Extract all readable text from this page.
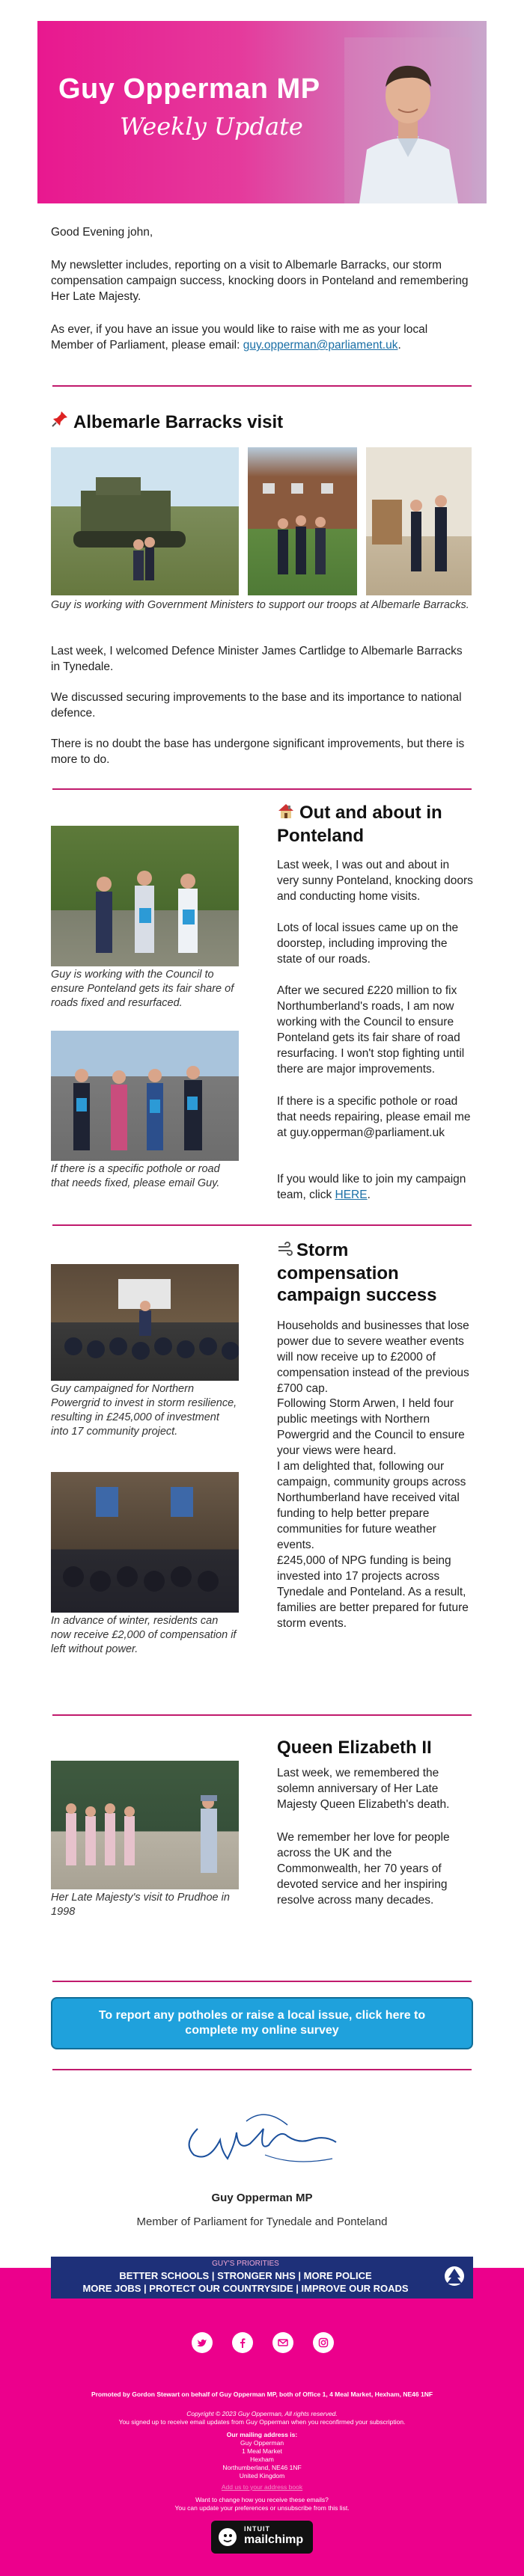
Guy Opperman MP
Weekly Update
Good Evening john,
My newsletter includes, reporting on a visit to Albemarle Barracks, our storm compensation campaign success, knocking doors in Ponteland and remembering Her Late Majesty.
As ever, if you have an issue you would like to raise with me as your local Member of Parliament, please email: guy.opperman@parliament.uk.
Albemarle Barracks visit
Guy is working with Government Ministers to support our troops at Albemarle Barracks.
Last week, I welcomed Defence Minister James Cartlidge to Albemarle Barracks in Tynedale.
We discussed securing improvements to the base and its importance to national defence.
There is no doubt the base has undergone significant improvements, but there is more to do.
Guy is working with the Council to ensure Ponteland gets its fair share of roads fixed and resurfaced.
If there is a specific pothole or road that needs fixed, please email Guy.
Out and about in Ponteland
Last week, I was out and about in very sunny Ponteland, knocking doors and conducting home visits.
Lots of local issues came up on the doorstep, including improving the state of our roads.
After we secured £220 million to fix Northumberland's roads, I am now working with the Council to ensure Ponteland gets its fair share of road resurfacing. I won't stop fighting until there are major improvements.
If there is a specific pothole or road that needs repairing, please email me at guy.opperman@parliament.uk
If you would like to join my campaign team, click HERE.
Guy campaigned for Northern Powergrid to invest in storm resilience, resulting in £245,000 of investment into 17 community project.
In advance of winter, residents can now receive £2,000 of compensation if left without power.
Storm compensation campaign success
Households and businesses that lose power due to severe weather events will now receive up to £2000 of compensation instead of the previous £700 cap.
Following Storm Arwen, I held four public meetings with Northern Powergrid and the Council to ensure your views were heard.
I am delighted that, following our campaign, community groups across Northumberland have received vital funding to help better prepare communities for future weather events.
£245,000 of NPG funding is being invested into 17 projects across Tynedale and Ponteland. As a result, families are better prepared for future storm events.
Her Late Majesty's visit to Prudhoe in 1998
Queen Elizabeth II
Last week, we remembered the solemn anniversary of Her Late Majesty Queen Elizabeth's death.
We remember her love for people across the UK and the Commonwealth, her 70 years of devoted service and her inspiring resolve across many decades.
To report any potholes or raise a local issue, click here to complete my online survey
Guy Opperman MP
Member of Parliament for Tynedale and Ponteland
GUY'S PRIORITIES
BETTER SCHOOLS | STRONGER NHS | MORE POLICE
MORE JOBS | PROTECT OUR COUNTRYSIDE | IMPROVE OUR ROADS
Promoted by Gordon Stewart on behalf of Guy Opperman MP, both of Office 1, 4 Meal Market, Hexham, NE46 1NF
Copyright © 2023 Guy Opperman, All rights reserved.
You signed up to receive email updates from Guy Opperman when you reconfirmed your subscription.
Our mailing address is:
Guy Opperman
1 Meal Market
Hexham
Northumberland, NE46 1NF
United Kingdom
Add us to your address book
Want to change how you receive these emails?
You can update your preferences or unsubscribe from this list.
INTUIT
mailchimp
